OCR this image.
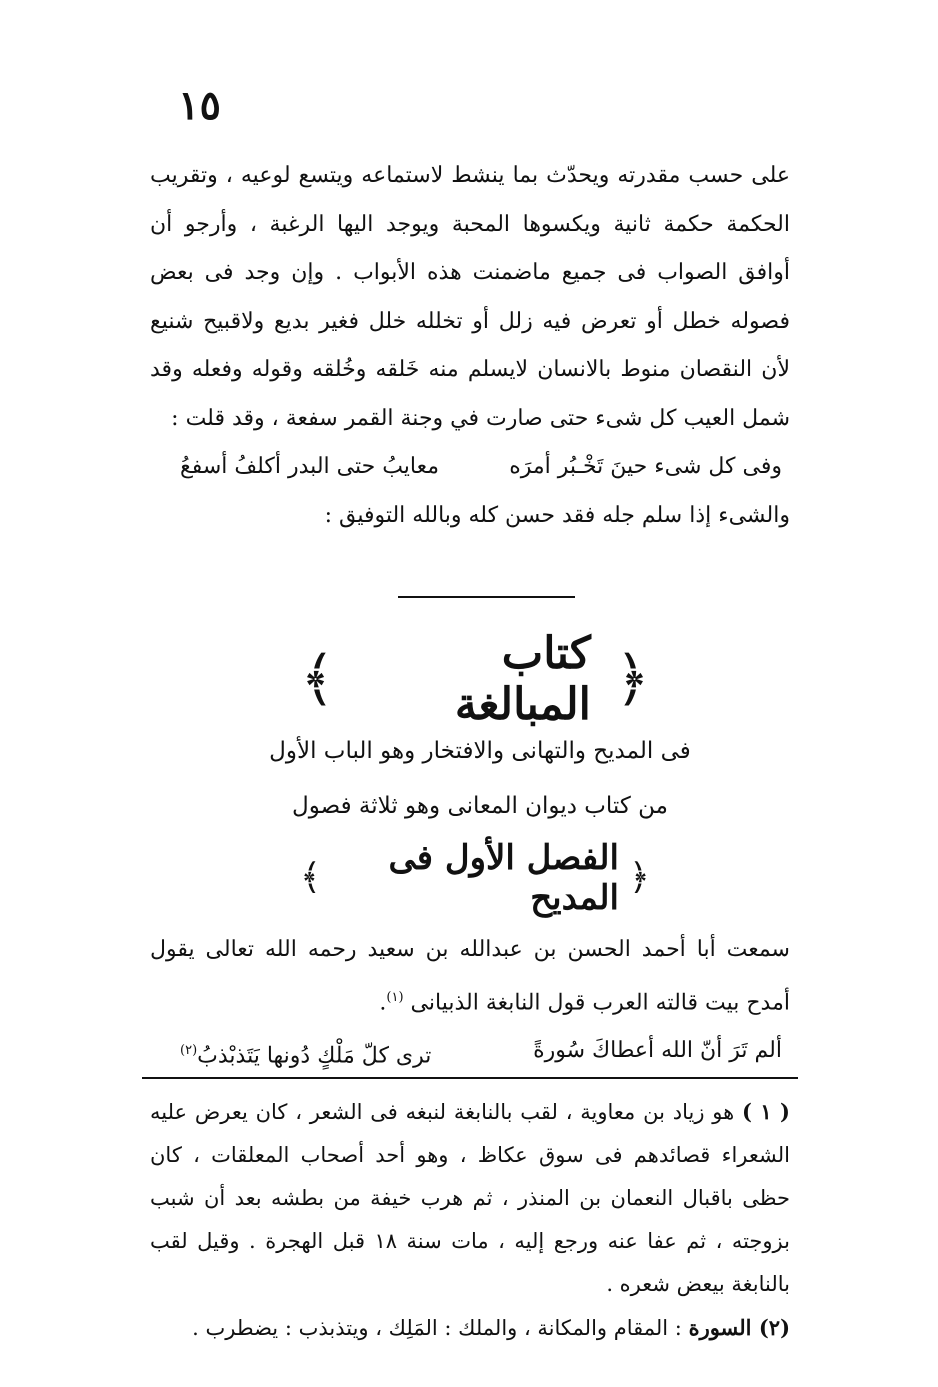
١٥

على حسب مقدرته ويحدّث بما ينشط لاستماعه ويتسع لوعيه ، وتقريب الحكمة حكمة ثانية ويكسوها المحبة ويوجد اليها الرغبة ، وأرجو أن أوافق الصواب فى جميع ماضمنت هذه الأبواب . وإن وجد فى بعض فصوله خطل أو تعرض فيه زلل أو تخلله خلل فغير بديع ولاقبيح شنيع لأن النقصان منوط بالانسان لايسلم منه خَلقه وخُلقه وقوله وفعله وقد شمل العيب كل شىء حتى صارت في وجنة القمر سفعة ، وقد قلت :

وفى كل شىء حينَ تَخْـبُر أمرَه
معايبُ حتى البدر أكلفُ أسفعُ

والشىء إذا سلم جله فقد حسن كله وبالله التوفيق :

﴿
كتاب المبالغة
﴾
فى المديح والتهانى والافتخار وهو الباب الأول
من كتاب ديوان المعانى وهو ثلاثة فصول
﴿
الفصل الأول فى المديح
﴾

سمعت أبا أحمد الحسن بن عبدالله بن سعيد رحمه الله تعالى يقول أمدح بيت قالته العرب قول النابغة الذبيانى $^{(١)}$.

ألم تَرَ أنّ الله أعطاكَ سُورةً
ترى كلّ مَلْكٍ دُونها يَتَذبْذبُ$^{(٢)}$

( ١ ) هو زياد بن معاوية ، لقب بالنابغة لنبغه فى الشعر ، كان يعرض عليه الشعراء قصائدهم فى سوق عكاظ ، وهو أحد أصحاب المعلقات ، كان حظى باقبال النعمان بن المنذر ، ثم هرب خيفة من بطشه بعد أن شبب بزوجته ، ثم عفا عنه ورجع إليه ، مات سنة ١٨ قبل الهجرة . وقيل لقب بالنابغة بيعض شعره .

(٢) السورة : المقام والمكانة ، والملك : المَلِك ، ويتذبذب : يضطرب .
